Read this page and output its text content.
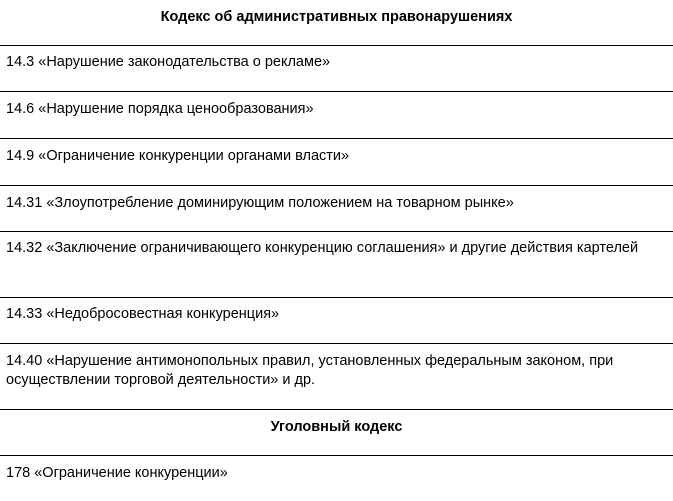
Кодекс об административных правонарушениях
14.3 «Нарушение законодательства о рекламе»
14.6 «Нарушение порядка ценообразования»
14.9 «Ограничение конкуренции органами власти»
14.31 «Злоупотребление доминирующим положением на товарном рынке»
14.32 «Заключение ограничивающего конкуренцию соглашения» и другие действия картелей
14.33 «Недобросовестная конкуренция»
14.40 «Нарушение антимонопольных правил, установленных федеральным законом, при осуществлении торговой деятельности» и др.
Уголовный кодекс
178 «Ограничение конкуренции»
